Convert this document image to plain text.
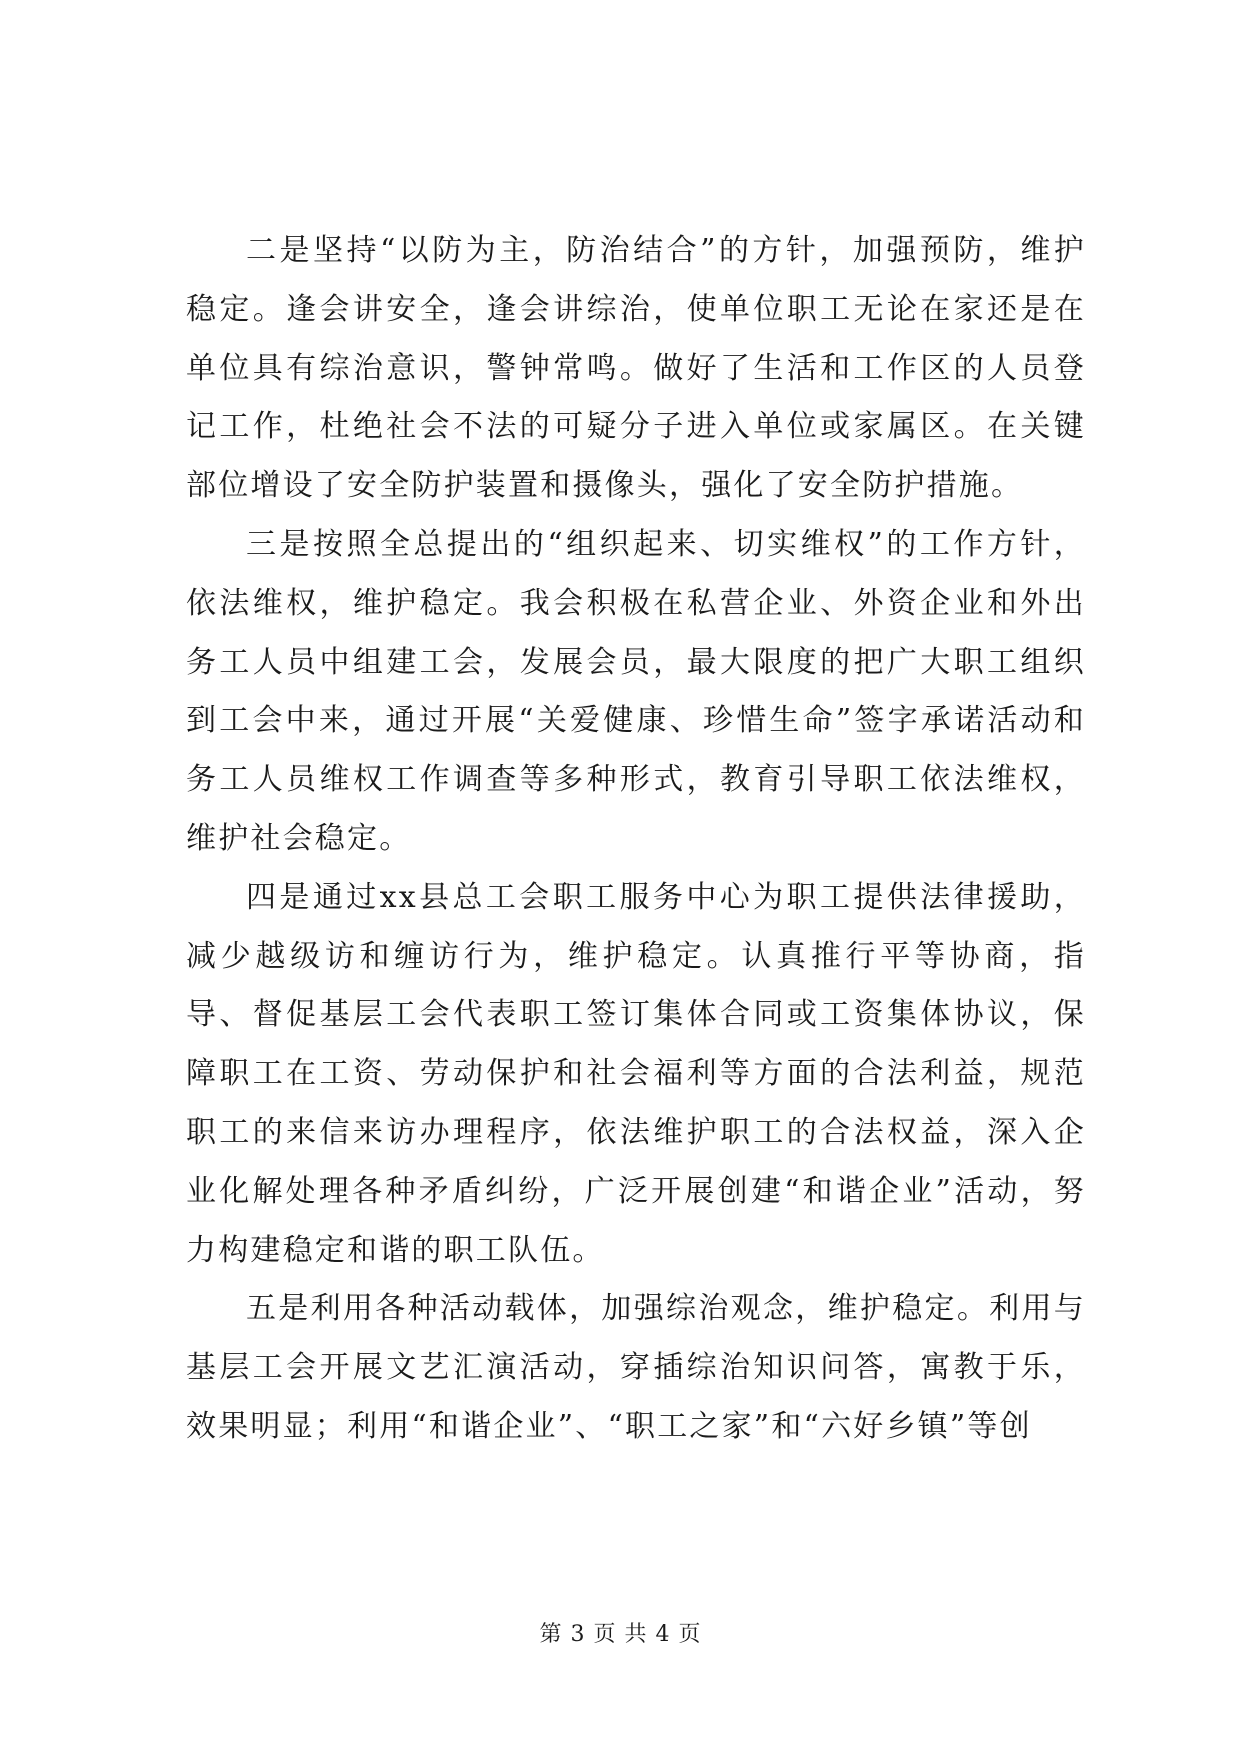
二是坚持“以防为主，防治结合”的方针，加强预防，维护稳定。逢会讲安全，逢会讲综治，使单位职工无论在家还是在单位具有综治意识，警钟常鸣。做好了生活和工作区的人员登记工作，杜绝社会不法的可疑分子进入单位或家属区。在关键部位增设了安全防护装置和摄像头，强化了安全防护措施。

三是按照全总提出的“组织起来、切实维权”的工作方针，依法维权，维护稳定。我会积极在私营企业、外资企业和外出务工人员中组建工会，发展会员，最大限度的把广大职工组织到工会中来，通过开展“关爱健康、珍惜生命”签字承诺活动和务工人员维权工作调查等多种形式，教育引导职工依法维权，维护社会稳定。

四是通过xx县总工会职工服务中心为职工提供法律援助，减少越级访和缠访行为，维护稳定。认真推行平等协商，指导、督促基层工会代表职工签订集体合同或工资集体协议，保障职工在工资、劳动保护和社会福利等方面的合法利益，规范职工的来信来访办理程序，依法维护职工的合法权益，深入企业化解处理各种矛盾纠纷，广泛开展创建“和谐企业”活动，努力构建稳定和谐的职工队伍。

五是利用各种活动载体，加强综治观念，维护稳定。利用与基层工会开展文艺汇演活动，穿插综治知识问答，寓教于乐，效果明显；利用“和谐企业”、“职工之家”和“六好乡镇”等创

第 3 页 共 4 页
